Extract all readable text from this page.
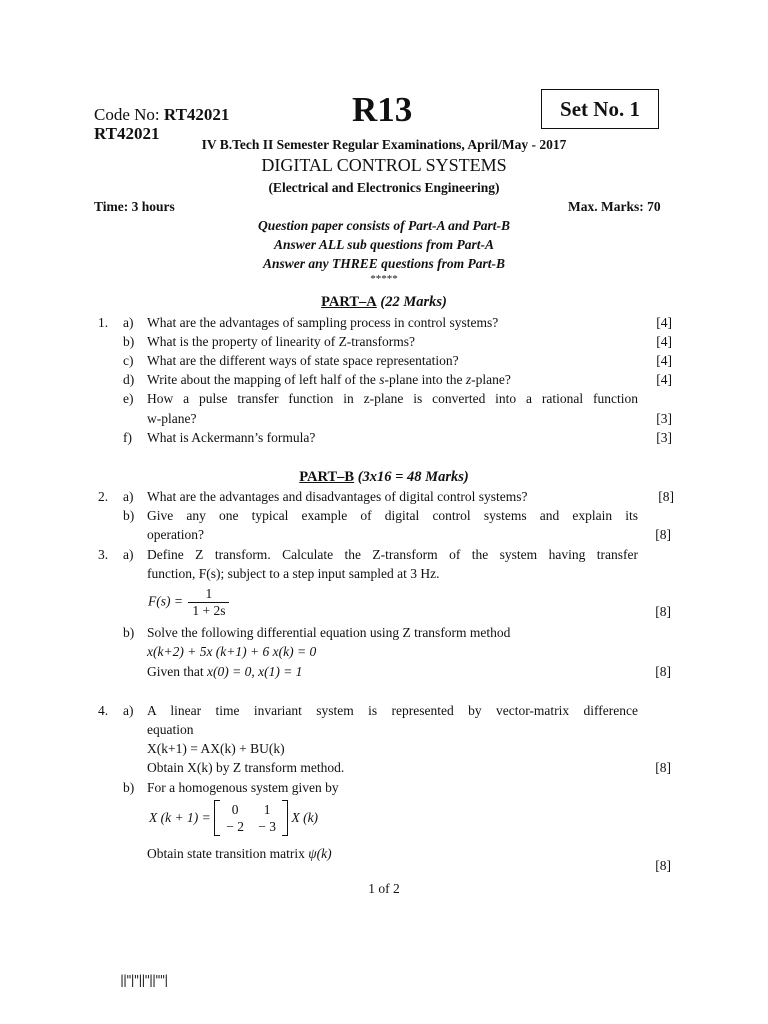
Code No: RT42021
RT42021
R13	Set No. 1
IV B.Tech II Semester Regular Examinations, April/May - 2017
DIGITAL CONTROL SYSTEMS
(Electrical and Electronics Engineering)
Time: 3 hours	Max. Marks: 70
Question paper consists of Part-A and Part-B
Answer ALL sub questions from Part-A
Answer any THREE questions from Part-B
*****
PART–A (22 Marks)
1. a) What are the advantages of sampling process in control systems?	[4]
b) What is the property of linearity of Z-transforms?	[4]
c) What are the different ways of state space representation?	[4]
d) Write about the mapping of left half of the s-plane into the z-plane?	[4]
e) How a pulse transfer function in z-plane is converted into a rational function
w-plane?	[3]
f) What is Ackermann’s formula?	[3]
PART–B (3x16 = 48 Marks)
2. a) What are the advantages and disadvantages of digital control systems?	[8]
b) Give any one typical example of digital control systems and explain its
operation?	[8]
3. a) Define Z transform. Calculate the Z-transform of the system having transfer
function, F(s); subject to a step input sampled at 3 Hz.
$F(s) = \frac{1}{1 + 2s}$	[8]
b) Solve the following differential equation using Z transform method
x(k+2) + 5x (k+1) + 6 x(k) = 0
Given that x(0) = 0, x(1) = 1	[8]
4. a) A linear time invariant system is represented by vector-matrix difference
equation
X(k+1) = AX(k) + BU(k)
Obtain X(k) by Z transform method.	[8]
b) For a homogenous system given by
X (k + 1) =
0	1
− 2	− 3
X (k)
Obtain state transition matrix ψ(k)
[8]
1 of 2
||''|''||''||''''|
